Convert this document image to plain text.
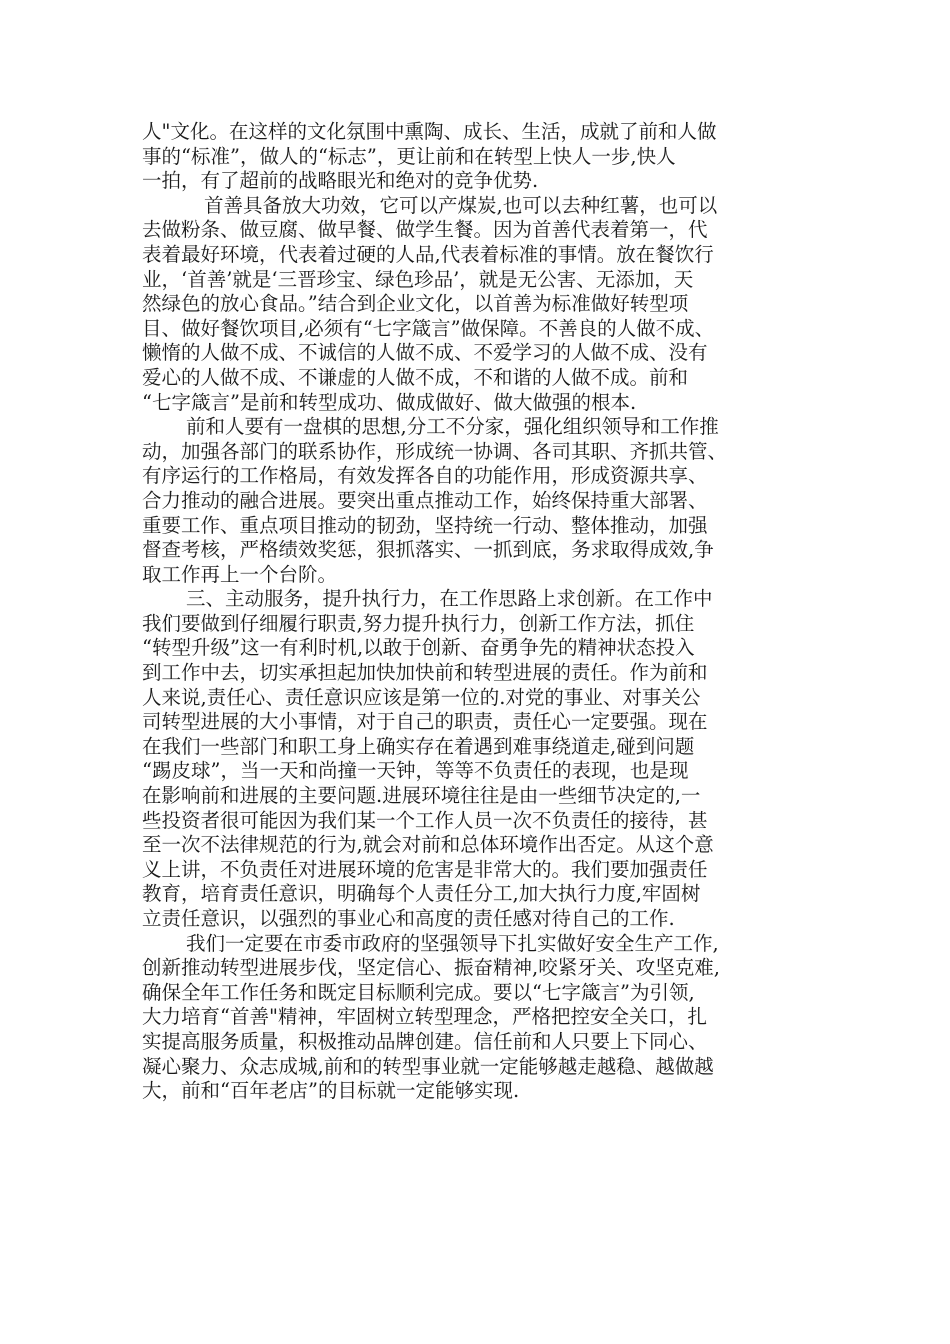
人"文化。在这样的文化氛围中熏陶、成长、生活，成就了前和人做
事的“标准”，做人的“标志”，更让前和在转型上快人一步,快人
一拍，有了超前的战略眼光和绝对的竞争优势.
首善具备放大功效，它可以产煤炭,也可以去种红薯，也可以
去做粉条、做豆腐、做早餐、做学生餐。因为首善代表着第一，代
表着最好环境，代表着过硬的人品,代表着标准的事情。放在餐饮行
业，‘首善’就是‘三晋珍宝、绿色珍品’，就是无公害、无添加，天
然绿色的放心食品。”结合到企业文化，以首善为标准做好转型项
目、做好餐饮项目,必须有“七字箴言”做保障。不善良的人做不成、
懒惰的人做不成、不诚信的人做不成、不爱学习的人做不成、没有
爱心的人做不成、不谦虚的人做不成，不和谐的人做不成。前和
“七字箴言”是前和转型成功、做成做好、做大做强的根本.
前和人要有一盘棋的思想,分工不分家，强化组织领导和工作推
动，加强各部门的联系协作，形成统一协调、各司其职、齐抓共管、
有序运行的工作格局，有效发挥各自的功能作用，形成资源共享、
合力推动的融合进展。要突出重点推动工作，始终保持重大部署、
重要工作、重点项目推动的韧劲，坚持统一行动、整体推动，加强
督查考核，严格绩效奖惩，狠抓落实、一抓到底，务求取得成效,争
取工作再上一个台阶。
三、主动服务，提升执行力，在工作思路上求创新。在工作中
我们要做到仔细履行职责,努力提升执行力，创新工作方法，抓住
“转型升级”这一有利时机,以敢于创新、奋勇争先的精神状态投入
到工作中去，切实承担起加快加快前和转型进展的责任。作为前和
人来说,责任心、责任意识应该是第一位的.对党的事业、对事关公
司转型进展的大小事情，对于自己的职责，责任心一定要强。现在
在我们一些部门和职工身上确实存在着遇到难事绕道走,碰到问题
“踢皮球”，当一天和尚撞一天钟，等等不负责任的表现，也是现
在影响前和进展的主要问题.进展环境往往是由一些细节决定的,一
些投资者很可能因为我们某一个工作人员一次不负责任的接待，甚
至一次不法律规范的行为,就会对前和总体环境作出否定。从这个意
义上讲，不负责任对进展环境的危害是非常大的。我们要加强责任
教育，培育责任意识，明确每个人责任分工,加大执行力度,牢固树
立责任意识，以强烈的事业心和高度的责任感对待自己的工作.
我们一定要在市委市政府的坚强领导下扎实做好安全生产工作,
创新推动转型进展步伐，坚定信心、振奋精神,咬紧牙关、攻坚克难,
确保全年工作任务和既定目标顺利完成。要以“七字箴言”为引领,
大力培育“首善"精神，牢固树立转型理念，严格把控安全关口，扎
实提高服务质量，积极推动品牌创建。信任前和人只要上下同心、
凝心聚力、众志成城,前和的转型事业就一定能够越走越稳、越做越
大，前和“百年老店”的目标就一定能够实现.
